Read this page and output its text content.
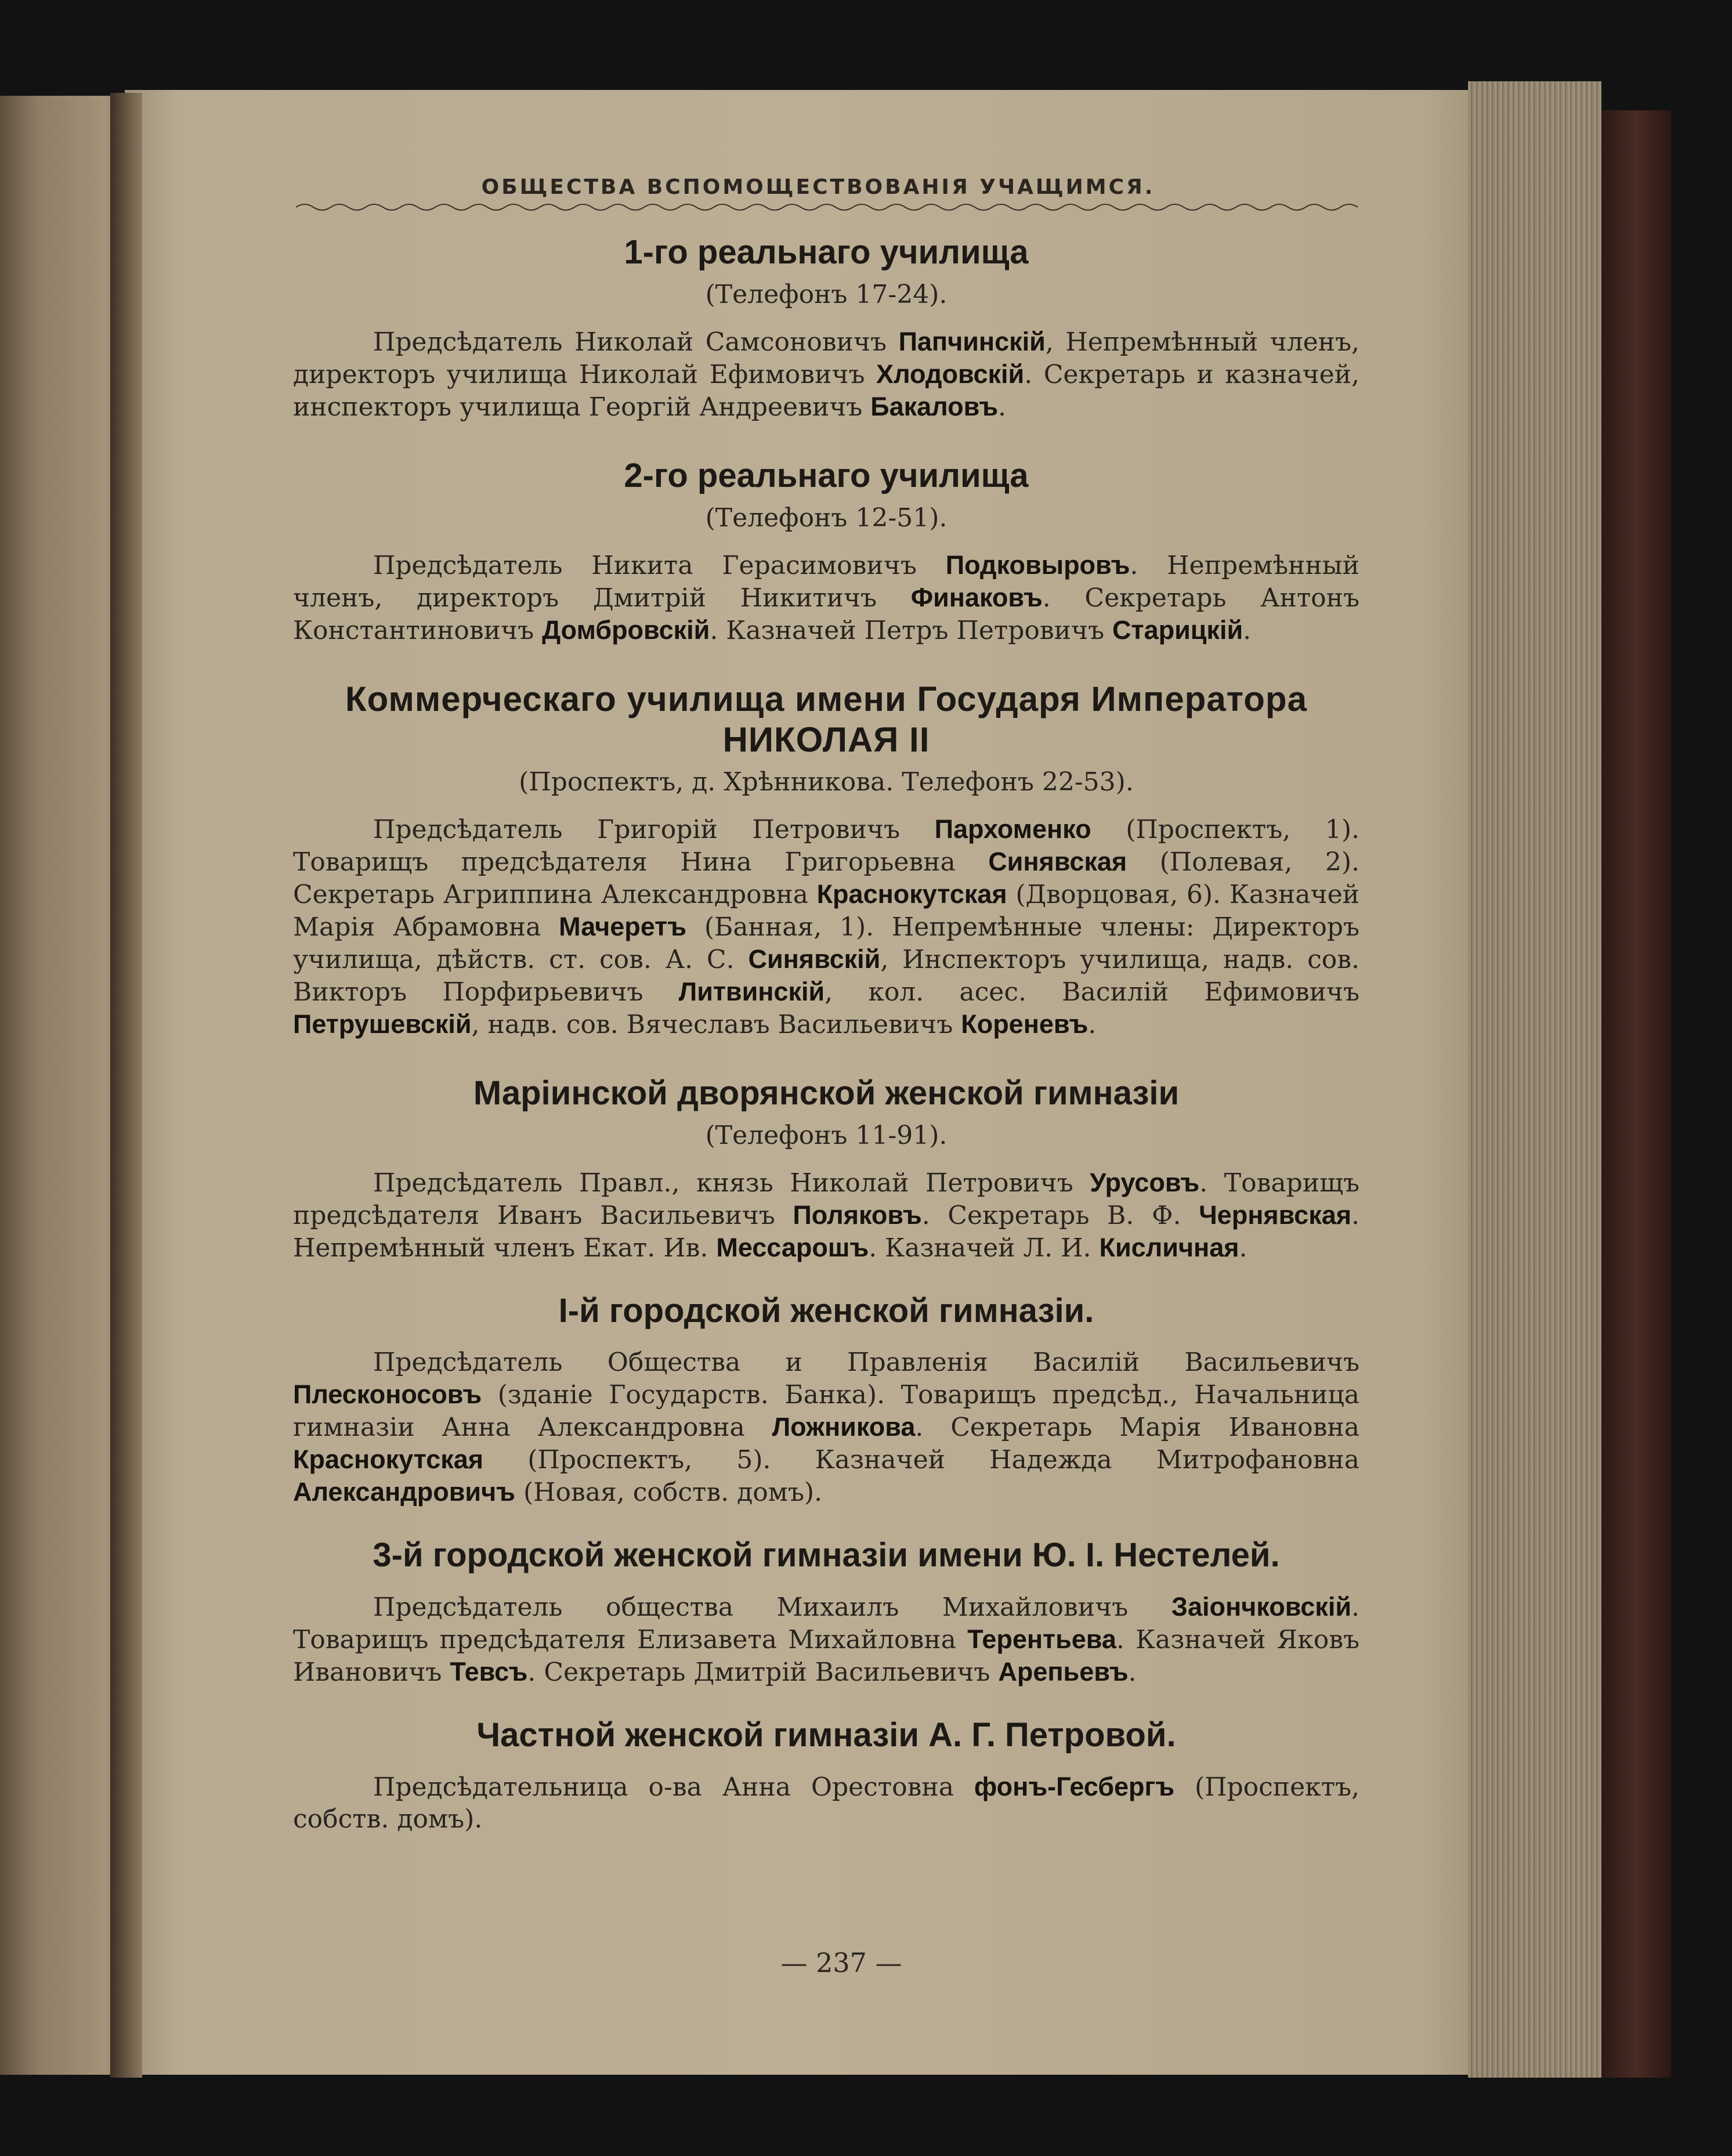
ОБЩЕСТВА ВСПОМОЩЕСТВОВАНІЯ УЧАЩИМСЯ.
1-го реальнаго училища
(Телефонъ 17-24).

Предсѣдатель Николай Самсоновичъ Папчинскій, Непремѣнный членъ, директоръ училища Николай Ефимовичъ Хлодовскій. Секретарь и казначей, инспекторъ училища Георгій Андреевичъ Бакаловъ.

2-го реальнаго училища
(Телефонъ 12-51).

Предсѣдатель Никита Герасимовичъ Подковыровъ. Непремѣнный членъ, директоръ Дмитрій Никитичъ Финаковъ. Секретарь Антонъ Константиновичъ Домбровскій. Казначей Петръ Петровичъ Старицкій.

Коммерческаго училища имени Государя Императора НИКОЛАЯ II
(Проспектъ, д. Хрѣнникова. Телефонъ 22-53).

Предсѣдатель Григорій Петровичъ Пархоменко (Проспектъ, 1). Товарищъ предсѣдателя Нина Григорьевна Синявская (Полевая, 2). Секретарь Агриппина Александровна Краснокутская (Дворцовая, 6). Казначей Марія Абрамовна Мачеретъ (Банная, 1). Непремѣнные члены: Директоръ училища, дѣйств. ст. сов. А. С. Синявскій, Инспекторъ училища, надв. сов. Викторъ Порфирьевичъ Литвинскій, кол. асес. Василій Ефимовичъ Петрушевскій, надв. сов. Вячеславъ Васильевичъ Кореневъ.

Маріинской дворянской женской гимназіи
(Телефонъ 11-91).

Предсѣдатель Правл., князь Николай Петровичъ Урусовъ. Товарищъ предсѣдателя Иванъ Васильевичъ Поляковъ. Секретарь В. Ф. Чернявская. Непремѣнный членъ Екат. Ив. Мессарошъ. Казначей Л. И. Кисличная.

І-й городской женской гимназіи.

Предсѣдатель Общества и Правленія Василій Васильевичъ Плесконосовъ (зданіе Государств. Банка). Товарищъ предсѣд., Начальница гимназіи Анна Александровна Ложникова. Секретарь Марія Ивановна Краснокутская (Проспектъ, 5). Казначей Надежда Митрофановна Александровичъ (Новая, собств. домъ).

3-й городской женской гимназіи имени Ю. І. Нестелей.

Предсѣдатель общества Михаилъ Михайловичъ Заіончковскій. Товарищъ предсѣдателя Елизавета Михайловна Терентьева. Казначей Яковъ Ивановичъ Тевсъ. Секретарь Дмитрій Васильевичъ Арепьевъ.

Частной женской гимназіи А. Г. Петровой.

Предсѣдательница о-ва Анна Орестовна фонъ-Гесбергъ (Проспектъ, собств. домъ).

— 237 —
